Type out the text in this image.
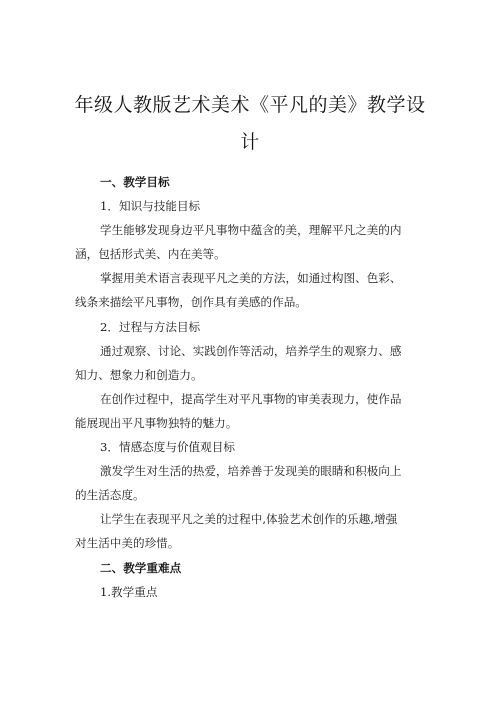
年级人教版艺术美术《平凡的美》教学设
计

一、教学目标

1．知识与技能目标

学生能够发现身边平凡事物中蕴含的美，理解平凡之美的内

涵，包括形式美、内在美等。

掌握用美术语言表现平凡之美的方法，如通过构图、色彩、

线条来描绘平凡事物，创作具有美感的作品。

2．过程与方法目标

通过观察、讨论、实践创作等活动，培养学生的观察力、感

知力、想象力和创造力。

在创作过程中，提高学生对平凡事物的审美表现力，使作品

能展现出平凡事物独特的魅力。

3．情感态度与价值观目标

激发学生对生活的热爱，培养善于发现美的眼睛和积极向上

的生活态度。

让学生在表现平凡之美的过程中,体验艺术创作的乐趣,增强

对生活中美的珍惜。

二、教学重难点

1.教学重点
